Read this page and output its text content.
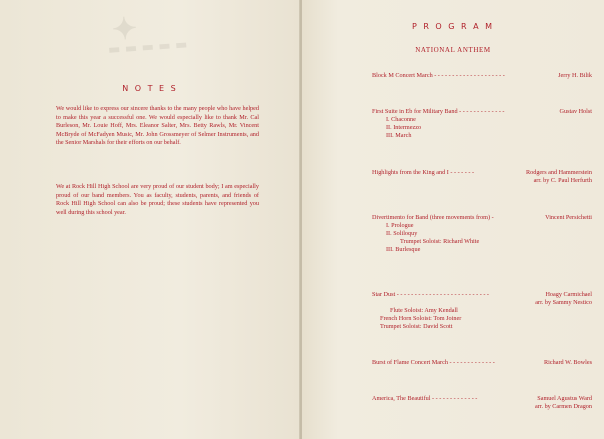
✦
▬ ▬ ▬ ▬ ▬
N O T E S
We would like to express our sincere thanks to the many people who have helped to make this year a successful one. We would especially like to thank Mr. Cal Burleson, Mr. Louie Hoff, Mrs. Eleanor Salter, Mrs. Betty Rawls, Mr. Vincent McBryde of McFadyen Music, Mr. John Grossmeyer of Selmer Instruments, and the Senior Marshals for their efforts on our behalf.
We at Rock Hill High School are very proud of our student body; I am especially proud of our band members. You as faculty, students, parents, and friends of Rock Hill High School can also be proud; these students have represented you well during this school year.
P R O G R A M
NATIONAL ANTHEM
Block M Concert March - - - - - - - - - - - - - - - - - - - -	Jerry H. Bilik
First Suite in Eb for Military Band - - - - - - - - - - - - -	Gustav Holst
I. Chaconne
II. Intermezzo
III. March
Highlights from the King and I - - - - - - -	Rodgers and Hammerstein
arr. by C. Paul Herfurth
Divertimento for Band (three movements from) -	Vincent Persichetti
I. Prologue
II. Soliloquy
Trumpet Soloist: Richard White
III. Burlesque
Star Dust - - - - - - - - - - - - - - - - - - - - - - - - - -	Hoagy Carmichael
arr. by Sammy Nestico
Flute Soloist: Amy Kendall
French Horn Soloist: Tom Joiner
Trumpet Soloist: David Scott
Burst of Flame Concert March - - - - - - - - - - - - -	Richard W. Bowles
America, The Beautiful - - - - - - - - - - - - -	Samuel Agustus Ward
arr. by Carmen Dragon
